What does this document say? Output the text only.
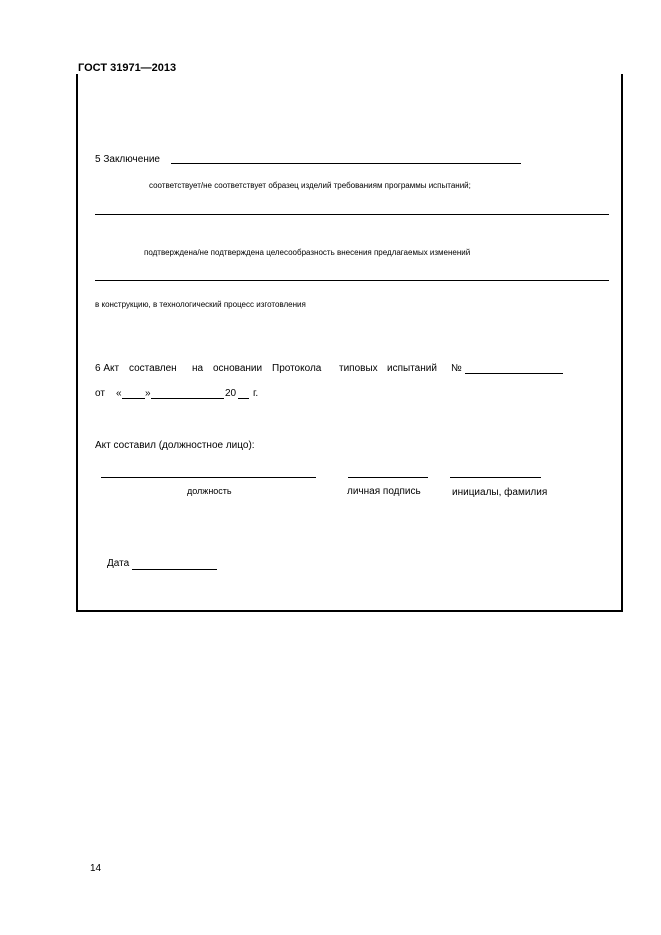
ГОСТ 31971—2013
5 Заключение
соответствует/не соответствует образец изделий требованиям программы испытаний;
подтверждена/не подтверждена целесообразность внесения предлагаемых изменений
в конструкцию, в технологический процесс изготовления
6 Акт составлен на основании Протокола типовых испытаний №
от « »	20 г.
Акт составил (должностное лицо):
должность	личная подпись	инициалы, фамилия
Дата
14
